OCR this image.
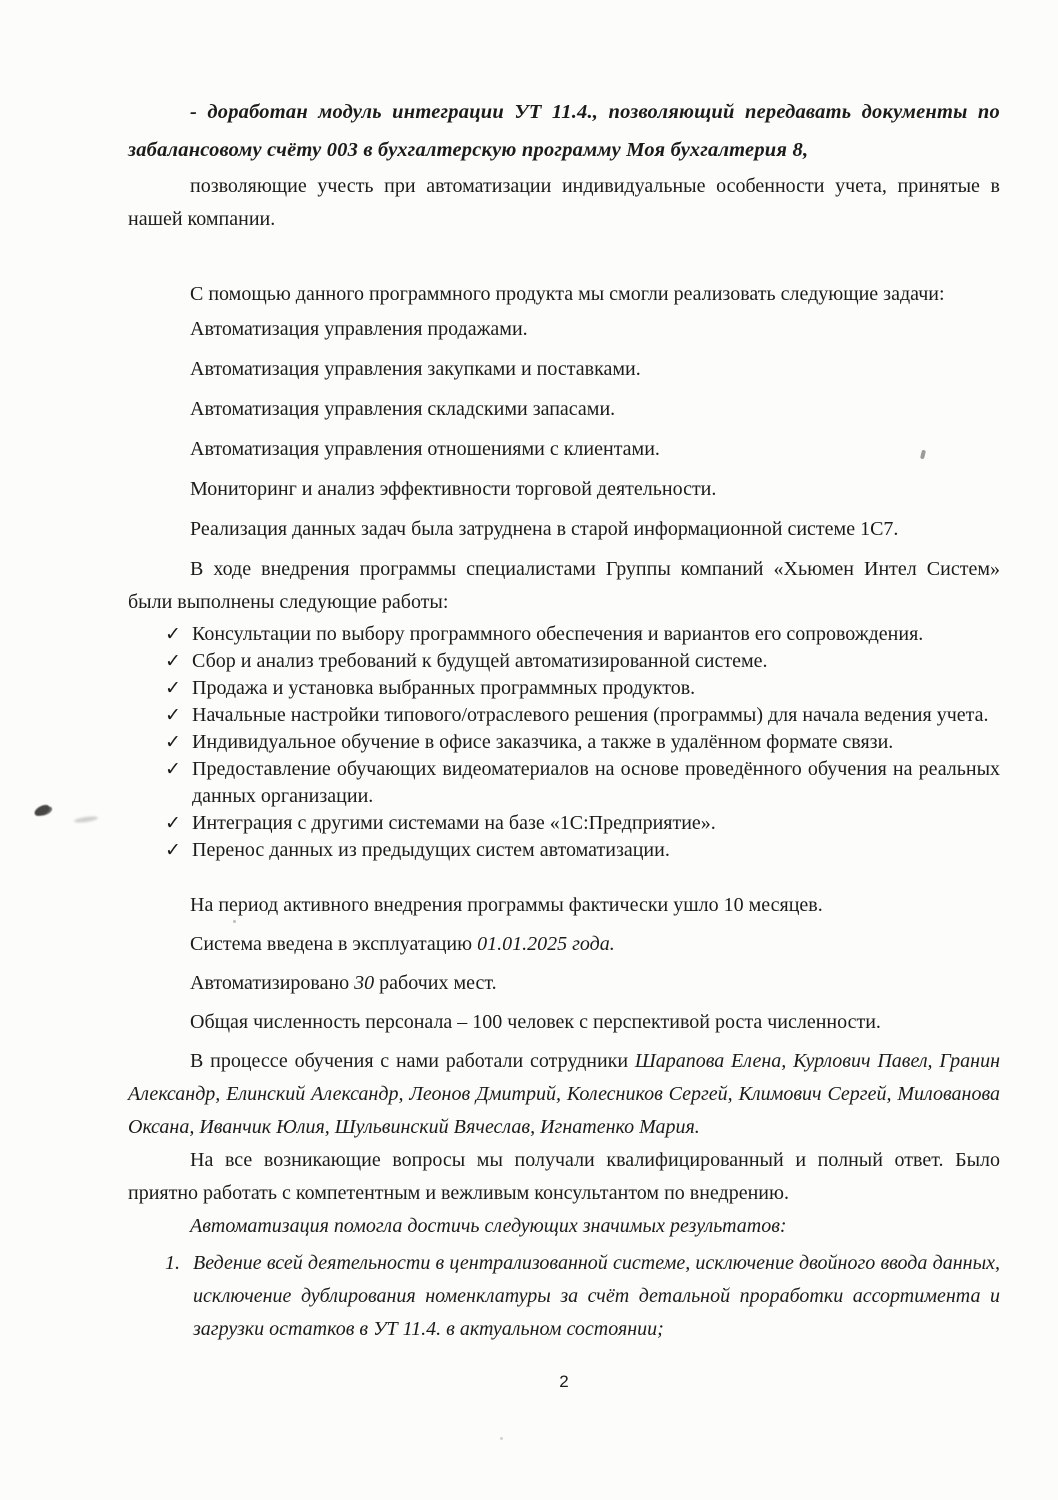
- доработан модуль интеграции УТ 11.4., позволяющий передавать документы по забалансовому счёту 003 в бухгалтерскую программу Моя бухгалтерия 8,

позволяющие учесть при автоматизации индивидуальные особенности учета, принятые в нашей компании.

С помощью данного программного продукта мы смогли реализовать следующие задачи:

Автоматизация управления продажами.

Автоматизация управления закупками и поставками.

Автоматизация управления складскими запасами.

Автоматизация управления отношениями с клиентами.

Мониторинг и анализ эффективности торговой деятельности.

Реализация данных задач была затруднена в старой информационной системе 1С7.

В ходе внедрения программы специалистами Группы компаний «Хьюмен Интел Систем» были выполнены следующие работы:

✓ Консультации по выбору программного обеспечения и вариантов его сопровождения.
✓ Сбор и анализ требований к будущей автоматизированной системе.
✓ Продажа и установка выбранных программных продуктов.
✓ Начальные настройки типового/отраслевого решения (программы) для начала ведения учета.
✓ Индивидуальное обучение в офисе заказчика, а также в удалённом формате связи.
✓ Предоставление обучающих видеоматериалов на основе проведённого обучения на реальных данных организации.
✓ Интеграция с другими системами на базе «1С:Предприятие».
✓ Перенос данных из предыдущих систем автоматизации.

На период активного внедрения программы фактически ушло 10 месяцев.

Система введена в эксплуатацию 01.01.2025 года.

Автоматизировано 30 рабочих мест.

Общая численность персонала – 100 человек с перспективой роста численности.

В процессе обучения с нами работали сотрудники Шарапова Елена, Курлович Павел, Гранин Александр, Елинский Александр, Леонов Дмитрий, Колесников Сергей, Климович Сергей, Милованова Оксана, Иванчик Юлия, Шульвинский Вячеслав, Игнатенко Мария.

На все возникающие вопросы мы получали квалифицированный и полный ответ. Было приятно работать с компетентным и вежливым консультантом по внедрению.

Автоматизация помогла достичь следующих значимых результатов:

1. Ведение всей деятельности в централизованной системе, исключение двойного ввода данных, исключение дублирования номенклатуры за счёт детальной проработки ассортимента и загрузки остатков в УТ 11.4. в актуальном состоянии;
2
